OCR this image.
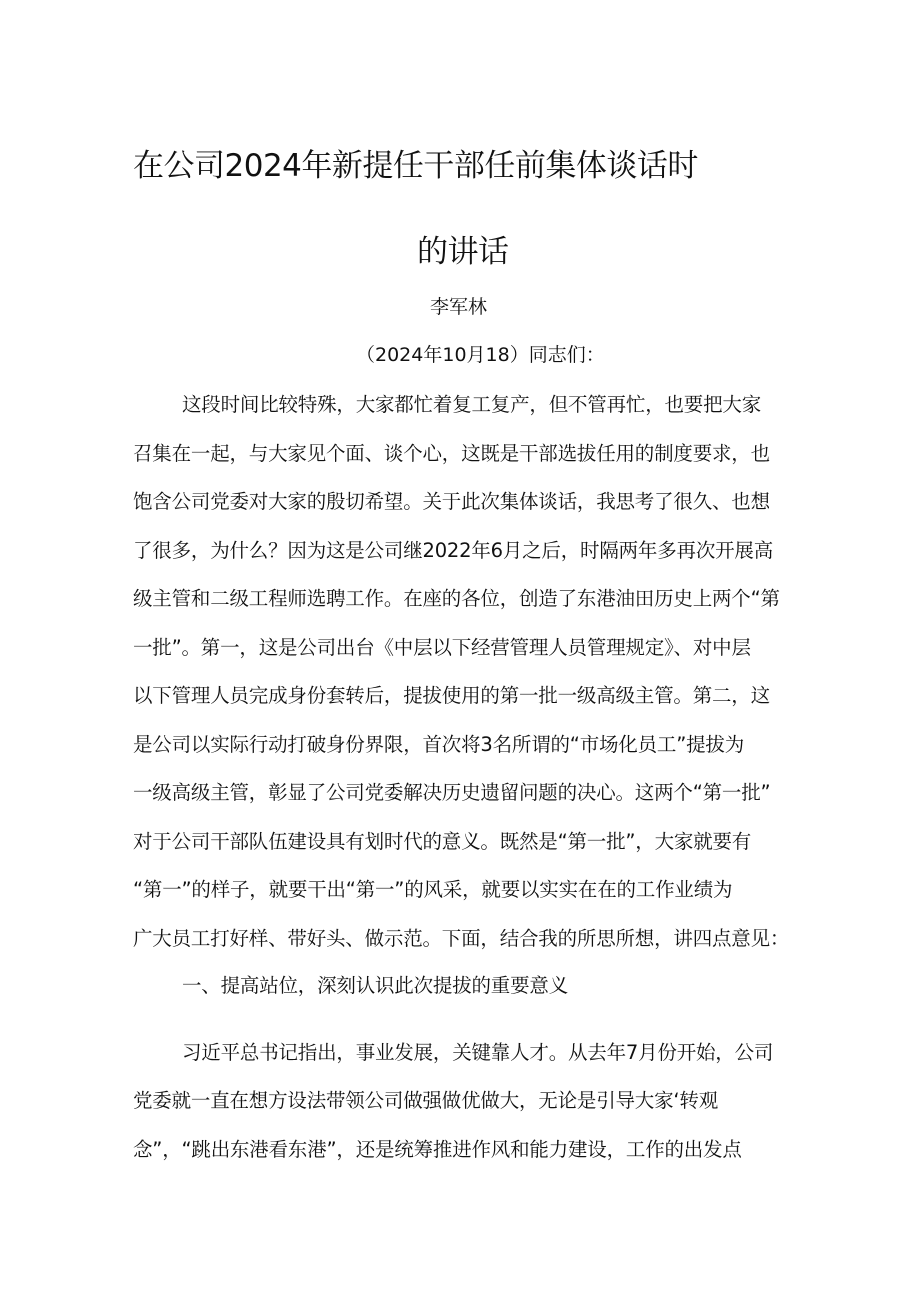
在公司2024年新提任干部任前集体谈话时
的讲话
李军林
（2024年10月18）同志们：
这段时间比较特殊，大家都忙着复工复产，但不管再忙，也要把大家
召集在一起，与大家见个面、谈个心，这既是干部选拔任用的制度要求，也
饱含公司党委对大家的殷切希望。关于此次集体谈话，我思考了很久、也想
了很多，为什么？因为这是公司继2022年6月之后，时隔两年多再次开展高
级主管和二级工程师选聘工作。在座的各位，创造了东港油田历史上两个“第
一批”。第一，这是公司出台《中层以下经营管理人员管理规定》、对中层
以下管理人员完成身份套转后，提拔使用的第一批一级高级主管。第二，这
是公司以实际行动打破身份界限，首次将3名所谓的“市场化员工”提拔为
一级高级主管，彰显了公司党委解决历史遗留问题的决心。这两个“第一批”
对于公司干部队伍建设具有划时代的意义。既然是“第一批”，大家就要有
“第一”的样子，就要干出“第一”的风采，就要以实实在在的工作业绩为
广大员工打好样、带好头、做示范。下面，结合我的所思所想，讲四点意见：
一、提高站位，深刻认识此次提拔的重要意义
习近平总书记指出，事业发展，关键靠人才。从去年7月份开始，公司
党委就一直在想方设法带领公司做强做优做大，无论是引导大家‘转观
念”，“跳出东港看东港”，还是统筹推进作风和能力建设，工作的出发点
